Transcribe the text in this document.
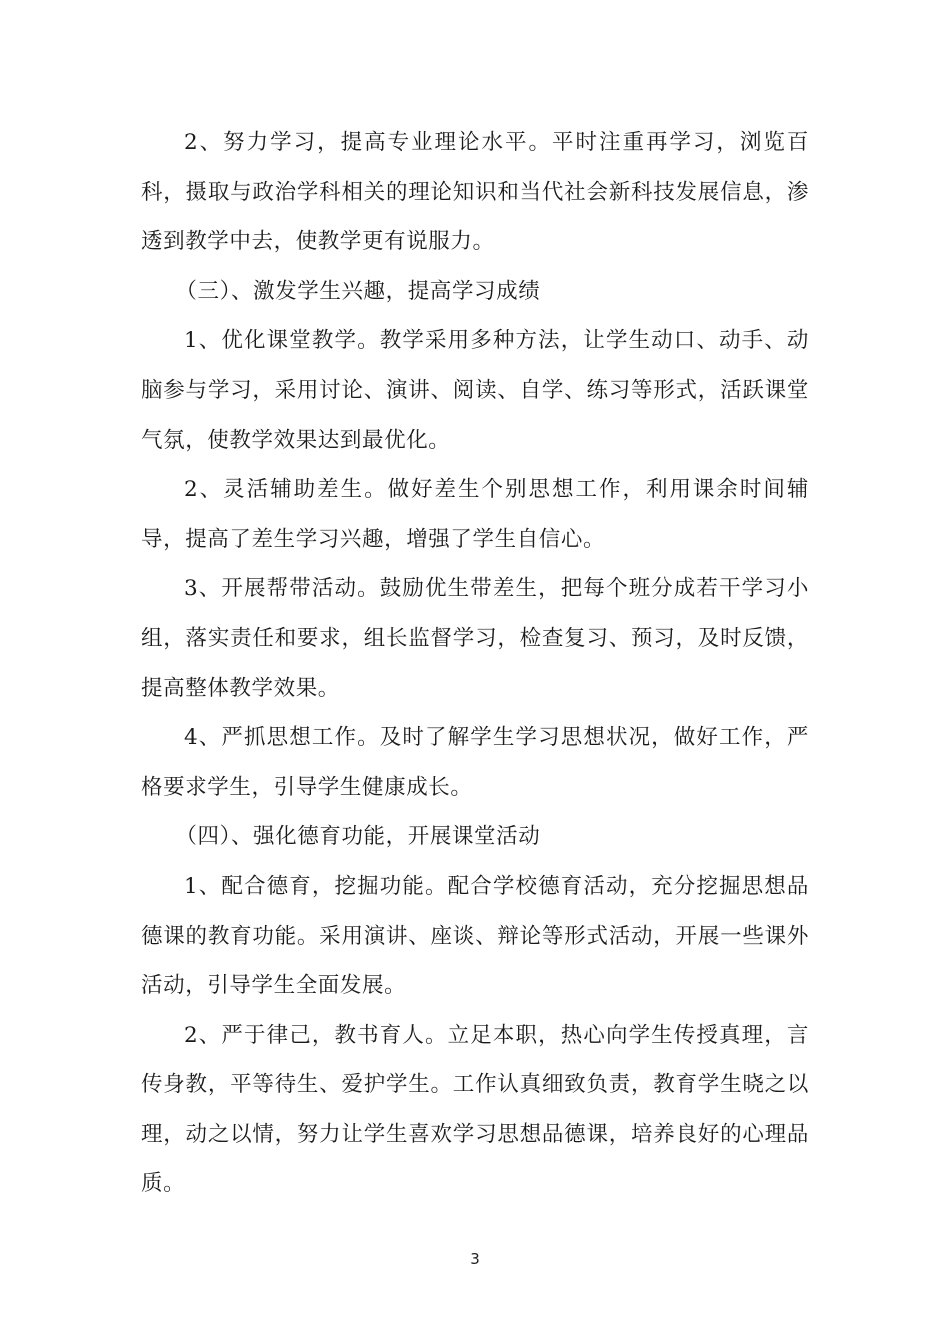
2、努力学习，提高专业理论水平。平时注重再学习，浏览百科，摄取与政治学科相关的理论知识和当代社会新科技发展信息，渗透到教学中去，使教学更有说服力。

（三）、激发学生兴趣，提高学习成绩

1、优化课堂教学。教学采用多种方法，让学生动口、动手、动脑参与学习，采用讨论、演讲、阅读、自学、练习等形式，活跃课堂气氛，使教学效果达到最优化。

2、灵活辅助差生。做好差生个别思想工作，利用课余时间辅导，提高了差生学习兴趣，增强了学生自信心。

3、开展帮带活动。鼓励优生带差生，把每个班分成若干学习小组，落实责任和要求，组长监督学习，检查复习、预习，及时反馈，提高整体教学效果。

4、严抓思想工作。及时了解学生学习思想状况，做好工作，严格要求学生，引导学生健康成长。

（四）、强化德育功能，开展课堂活动

1、配合德育，挖掘功能。配合学校德育活动，充分挖掘思想品德课的教育功能。采用演讲、座谈、辩论等形式活动，开展一些课外活动，引导学生全面发展。

2、严于律己，教书育人。立足本职，热心向学生传授真理，言传身教，平等待生、爱护学生。工作认真细致负责，教育学生晓之以理，动之以情，努力让学生喜欢学习思想品德课，培养良好的心理品质。

3
